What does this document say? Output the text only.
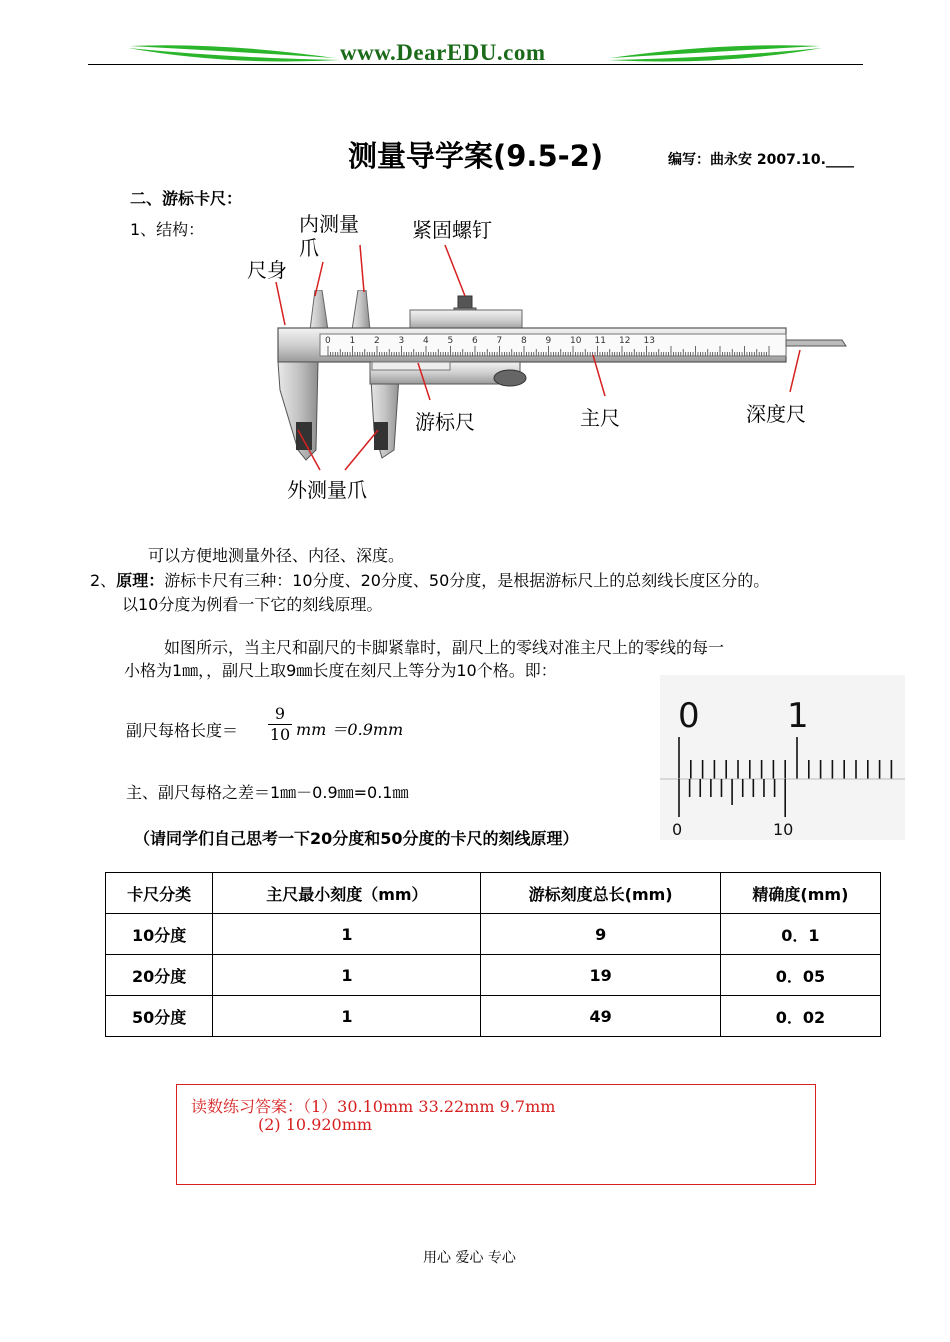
www.DearEDU.com
测量导学案(9.5-2)	编写：曲永安 2007.10.____
二、游标卡尺：
1、结构：
0 1 2 3 4 5 6 7 8 9 10 11 12 13
内测量
爪
紧固螺钉
尺身
游标尺	主尺	深度尺
外测量爪
可以方便地测量外径、内径、深度。
2、原理：游标卡尺有三种：10分度、20分度、50分度，是根据游标尺上的总刻线长度区分的。
以10分度为例看一下它的刻线原理。
如图所示，当主尺和副尺的卡脚紧靠时，副尺上的零线对准主尺上的零线的每一
小格为1㎜，，副尺上取9㎜长度在刻尺上等分为10个格。即：
副尺每格长度＝
9
10 mm ＝0.9mm
主、副尺每格之差＝1㎜－0.9㎜=0.1㎜
（请同学们自己思考一下20分度和50分度的卡尺的刻线原理）
0	1
0	10
卡尺分类	主尺最小刻度（mm）	游标刻度总长(mm)	精确度(mm)
10分度	1	9	0．1
20分度	1	19	0．05
50分度	1	49	0．02
读数练习答案：（1）30.10mm 33.22mm 9.7mm
(2) 10.920mm
用心 爱心 专心
